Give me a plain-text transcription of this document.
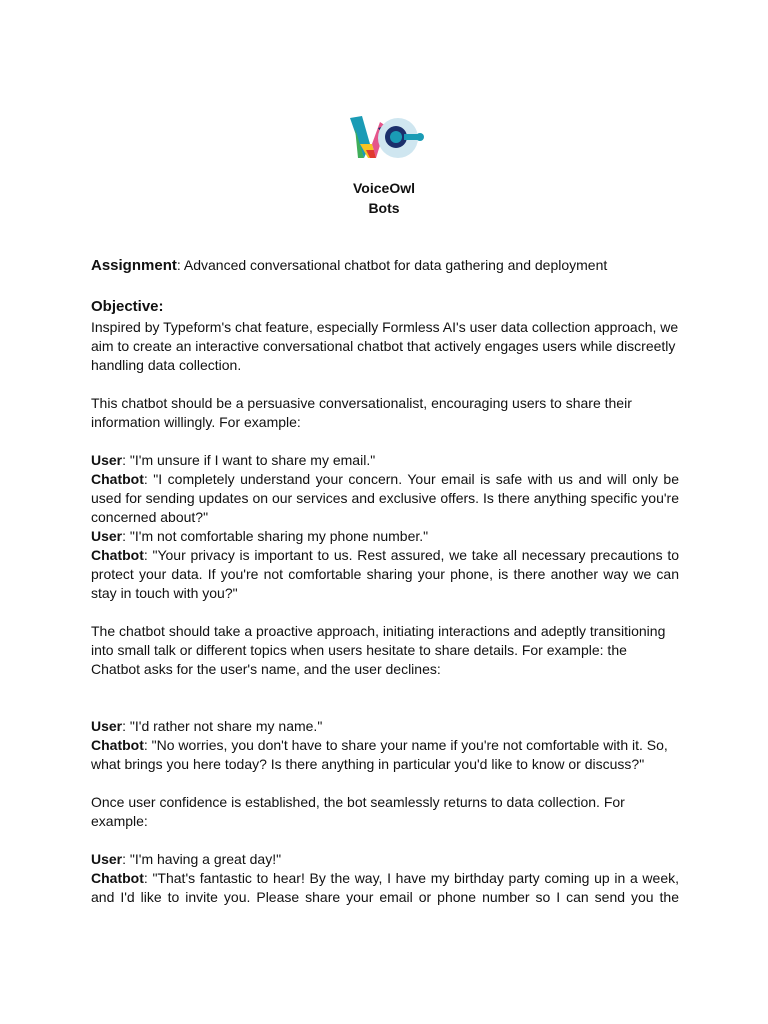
VoiceOwl
Bots

Assignment: Advanced conversational chatbot for data gathering and deployment

Objective:

Inspired by Typeform's chat feature, especially Formless AI's user data collection approach, we aim to create an interactive conversational chatbot that actively engages users while discreetly handling data collection.

This chatbot should be a persuasive conversationalist, encouraging users to share their information willingly. For example:

User: "I'm unsure if I want to share my email."

Chatbot: "I completely understand your concern. Your email is safe with us and will only be used for sending updates on our services and exclusive offers. Is there anything specific you're concerned about?"

User: "I'm not comfortable sharing my phone number."

Chatbot: "Your privacy is important to us. Rest assured, we take all necessary precautions to protect your data. If you're not comfortable sharing your phone, is there another way we can stay in touch with you?"

The chatbot should take a proactive approach, initiating interactions and adeptly transitioning into small talk or different topics when users hesitate to share details. For example: the Chatbot asks for the user's name, and the user declines:

User: "I'd rather not share my name."

Chatbot: "No worries, you don't have to share your name if you're not comfortable with it. So, what brings you here today? Is there anything in particular you'd like to know or discuss?"

Once user confidence is established, the bot seamlessly returns to data collection. For example:

User: "I'm having a great day!"

Chatbot: "That's fantastic to hear! By the way, I have my birthday party coming up in a week, and I'd like to invite you. Please share your email or phone number so I can send you the
